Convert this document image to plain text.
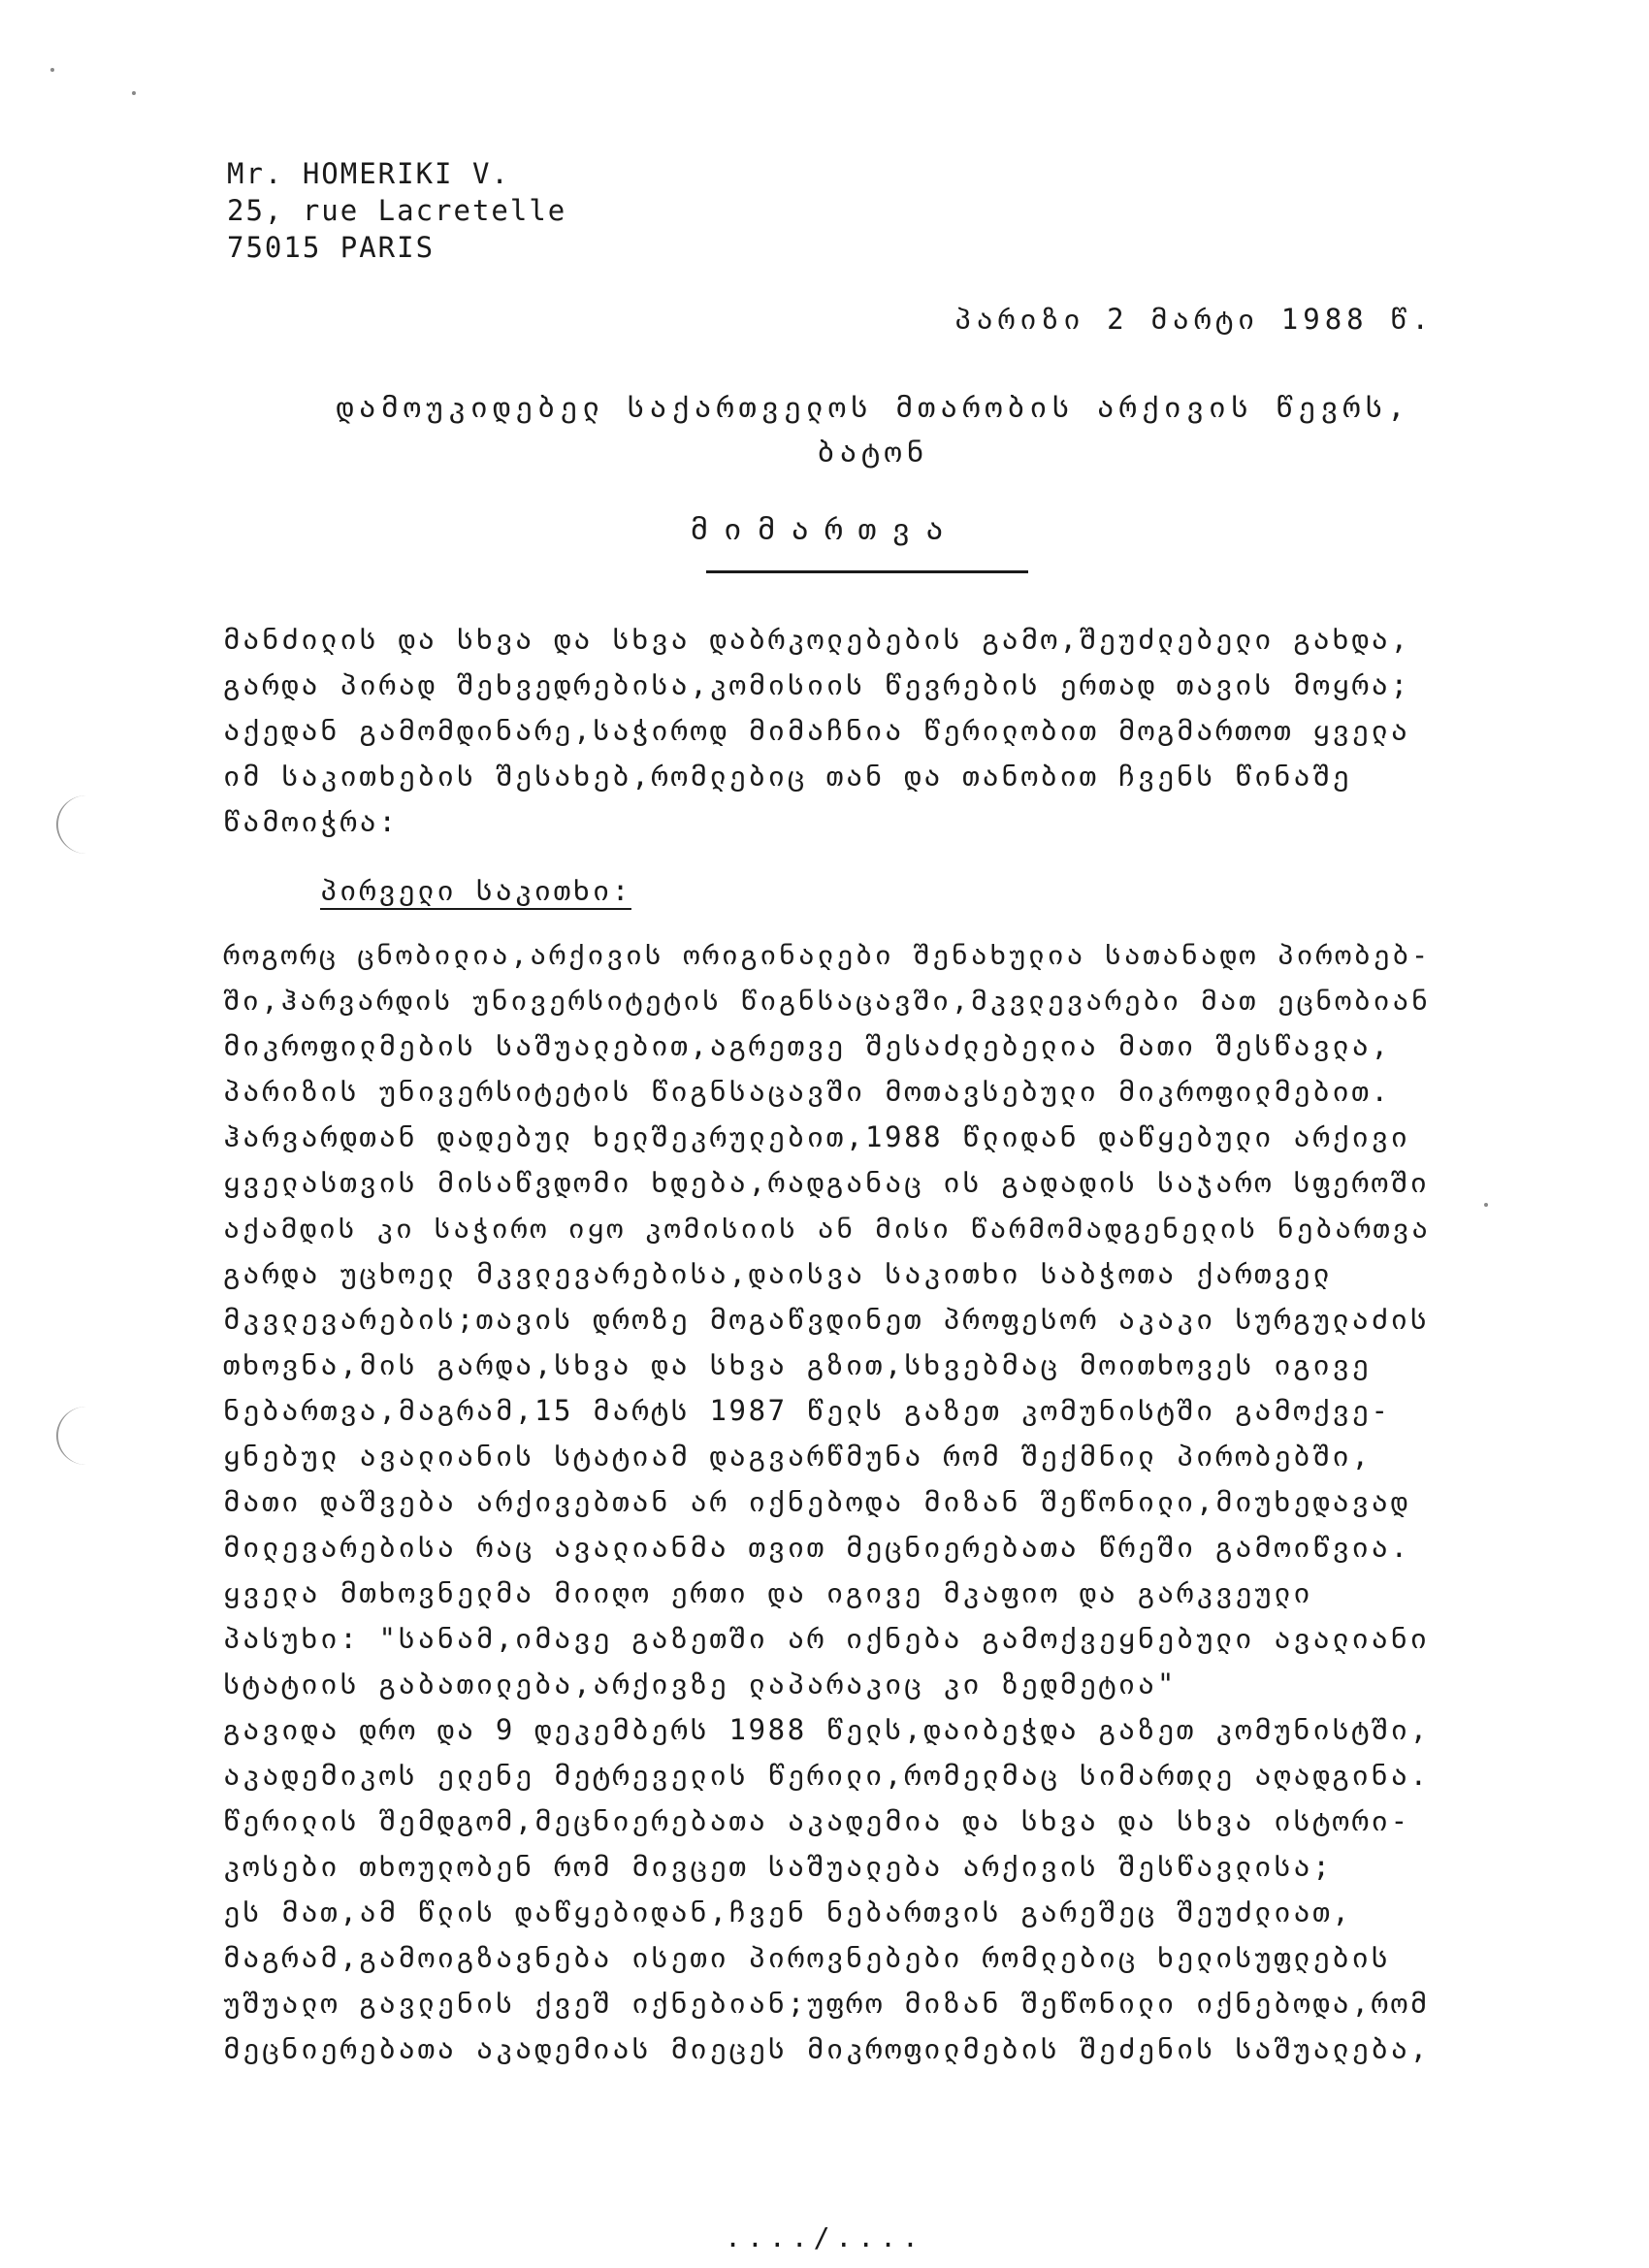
Mr. HOMERIKI V.
25, rue Lacretelle
75015 PARIS
პარიზი 2 მარტი 1988 წ.
დამოუკიდებელ საქართველოს მთარობის არქივის წევრს,
ბატონ
მიმართვა
მანძილის და სხვა და სხვა დაბრკოლებების გამო,შეუძლებელი გახდა,
გარდა პირად შეხვედრებისა,კომისიის წევრების ერთად თავის მოყრა;
აქედან გამომდინარე,საჭიროდ მიმაჩნია წერილობით მოგმართოთ ყველა
იმ საკითხების შესახებ,რომლებიც თან და თანობით ჩვენს წინაშე
წამოიჭრა:
პირველი საკითხი:
როგორც ცნობილია,არქივის ორიგინალები შენახულია სათანადო პირობებ-
ში,ჰარვარდის უნივერსიტეტის წიგნსაცავში,მკვლევარები მათ ეცნობიან
მიკროფილმების საშუალებით,აგრეთვე შესაძლებელია მათი შესწავლა,
პარიზის უნივერსიტეტის წიგნსაცავში მოთავსებული მიკროფილმებით.
ჰარვარდთან დადებულ ხელშეკრულებით,1988 წლიდან დაწყებული არქივი
ყველასთვის მისაწვდომი ხდება,რადგანაც ის გადადის საჯარო სფეროში
აქამდის კი საჭირო იყო კომისიის ან მისი წარმომადგენელის ნებართვა
გარდა უცხოელ მკვლევარებისა,დაისვა საკითხი საბჭოთა ქართველ
მკვლევარების;თავის დროზე მოგაწვდინეთ პროფესორ აკაკი სურგულაძის
თხოვნა,მის გარდა,სხვა და სხვა გზით,სხვებმაც მოითხოვეს იგივე
ნებართვა,მაგრამ,15 მარტს 1987 წელს გაზეთ კომუნისტში გამოქვე-
ყნებულ ავალიანის სტატიამ დაგვარწმუნა რომ შექმნილ პირობებში,
მათი დაშვება არქივებთან არ იქნებოდა მიზან შეწონილი,მიუხედავად
მილევარებისა რაც ავალიანმა თვით მეცნიერებათა წრეში გამოიწვია.
ყველა მთხოვნელმა მიიღო ერთი და იგივე მკაფიო და გარკვეული
პასუხი: "სანამ,იმავე გაზეთში არ იქნება გამოქვეყნებული ავალიანი
სტატიის გაბათილება,არქივზე ლაპარაკიც კი ზედმეტია"
გავიდა დრო და 9 დეკემბერს 1988 წელს,დაიბეჭდა გაზეთ კომუნისტში,
აკადემიკოს ელენე მეტრეველის წერილი,რომელმაც სიმართლე აღადგინა.
წერილის შემდგომ,მეცნიერებათა აკადემია და სხვა და სხვა ისტორი-
კოსები თხოულობენ რომ მივცეთ საშუალება არქივის შესწავლისა;
ეს მათ,ამ წლის დაწყებიდან,ჩვენ ნებართვის გარეშეც შეუძლიათ,
მაგრამ,გამოიგზავნება ისეთი პიროვნებები რომლებიც ხელისუფლების
უშუალო გავლენის ქვეშ იქნებიან;უფრო მიზან შეწონილი იქნებოდა,რომ
მეცნიერებათა აკადემიას მიეცეს მიკროფილმების შეძენის საშუალება,
..../....
